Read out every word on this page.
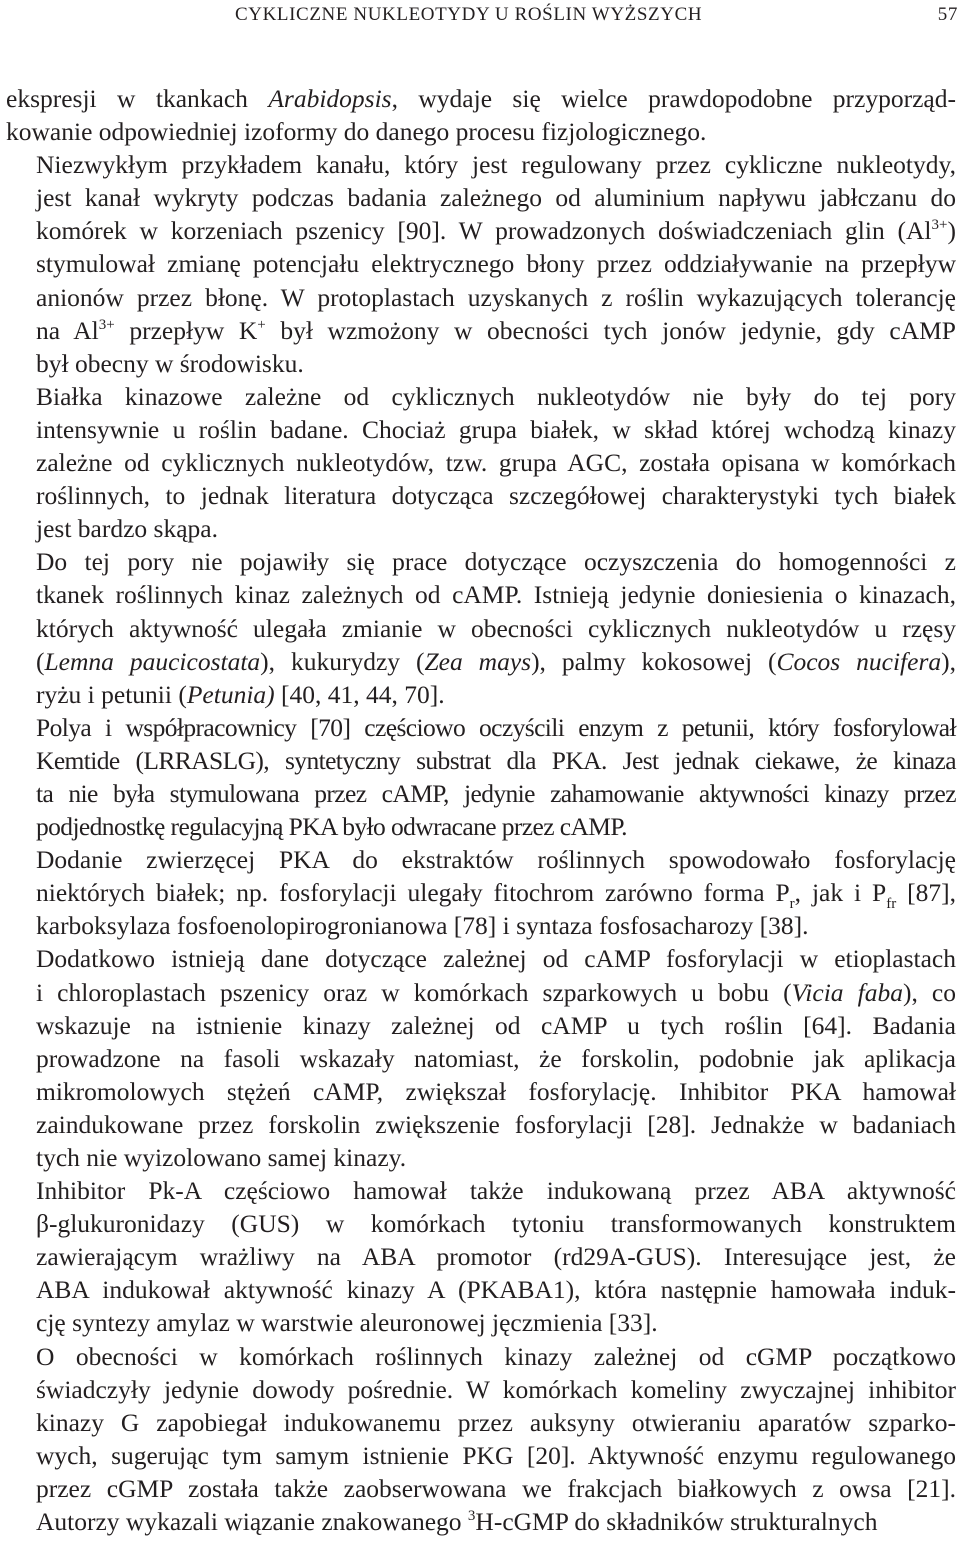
CYKLICZNE NUKLEOTYDY U ROŚLIN WYŻSZYCH	57

ekspresji w tkankach Arabidopsis, wydaje się wielce prawdopodobne przyporząd-
kowanie odpowiedniej izoformy do danego procesu fizjologicznego.

Niezwykłym przykładem kanału, który jest regulowany przez cykliczne nukleotydy,
jest kanał wykryty podczas badania zależnego od aluminium napływu jabłczanu do
komórek w korzeniach pszenicy [90]. W prowadzonych doświadczeniach glin $(Al^{3+})$
stymulował zmianę potencjału elektrycznego błony przez oddziaływanie na przepływ
anionów przez błonę. W protoplastach uzyskanych z roślin wykazujących tolerancję
na $Al^{3+}$ przepływ K+ był wzmożony w obecności tych jonów jedynie, gdy cAMP
był obecny w środowisku.

Białka kinazowe zależne od cyklicznych nukleotydów nie były do tej pory
intensywnie u roślin badane. Chociaż grupa białek, w skład której wchodzą kinazy
zależne od cyklicznych nukleotydów, tzw. grupa AGC, została opisana w komórkach
roślinnych, to jednak literatura dotycząca szczegółowej charakterystyki tych białek
jest bardzo skąpa.

Do tej pory nie pojawiły się prace dotyczące oczyszczenia do homogenności z
tkanek roślinnych kinaz zależnych od cAMP. Istnieją jedynie doniesienia o kinazach,
których aktywność ulegała zmianie w obecności cyklicznych nukleotydów u rzęsy
(Lemna paucicostata), kukurydzy (Zea mays), palmy kokosowej (Cocos nucifera),
ryżu i petunii (Petunia) [40, 41, 44, 70].

Polya i współpracownicy [70] częściowo oczyścili enzym z petunii, który fosforylował
Kemtide (LRRASLG), syntetyczny substrat dla PKA. Jest jednak ciekawe, że kinaza
ta nie była stymulowana przez cAMP, jedynie zahamowanie aktywności kinazy przez
podjednostkę regulacyjną PKA było odwracane przez cAMP.

Dodanie zwierzęcej PKA do ekstraktów roślinnych spowodowało fosforylację
niektórych białek; np. fosforylacji ulegały fitochrom zarówno forma $P_r$, jak i $P_{fr}$ [87],
karboksylaza fosfoenolopirogronianowa [78] i syntaza fosfosacharozy [38].

Dodatkowo istnieją dane dotyczące zależnej od cAMP fosforylacji w etioplastach
i chloroplastach pszenicy oraz w komórkach szparkowych u bobu (Vicia faba), co
wskazuje na istnienie kinazy zależnej od cAMP u tych roślin [64]. Badania
prowadzone na fasoli wskazały natomiast, że forskolin, podobnie jak aplikacja
mikromolowych stężeń cAMP, zwiększał fosforylację. Inhibitor PKA hamował
zaindukowane przez forskolin zwiększenie fosforylacji [28]. Jednakże w badaniach
tych nie wyizolowano samej kinazy.

Inhibitor Pk-A częściowo hamował także indukowaną przez ABA aktywność
β-glukuronidazy (GUS) w komórkach tytoniu transformowanych konstruktem
zawierającym wrażliwy na ABA promotor (rd29A-GUS). Interesujące jest, że
ABA indukował aktywność kinazy A (PKABA1), która następnie hamowała induk-
cję syntezy amylaz w warstwie aleuronowej jęczmienia [33].

O obecności w komórkach roślinnych kinazy zależnej od cGMP początkowo
świadczyły jedynie dowody pośrednie. W komórkach komeliny zwyczajnej inhibitor
kinazy G zapobiegał indukowanemu przez auksyny otwieraniu aparatów szparko-
wych, sugerując tym samym istnienie PKG [20]. Aktywność enzymu regulowanego
przez cGMP została także zaobserwowana we frakcjach białkowych z owsa [21].
Autorzy wykazali wiązanie znakowanego $^3$H-cGMP do składników strukturalnych
